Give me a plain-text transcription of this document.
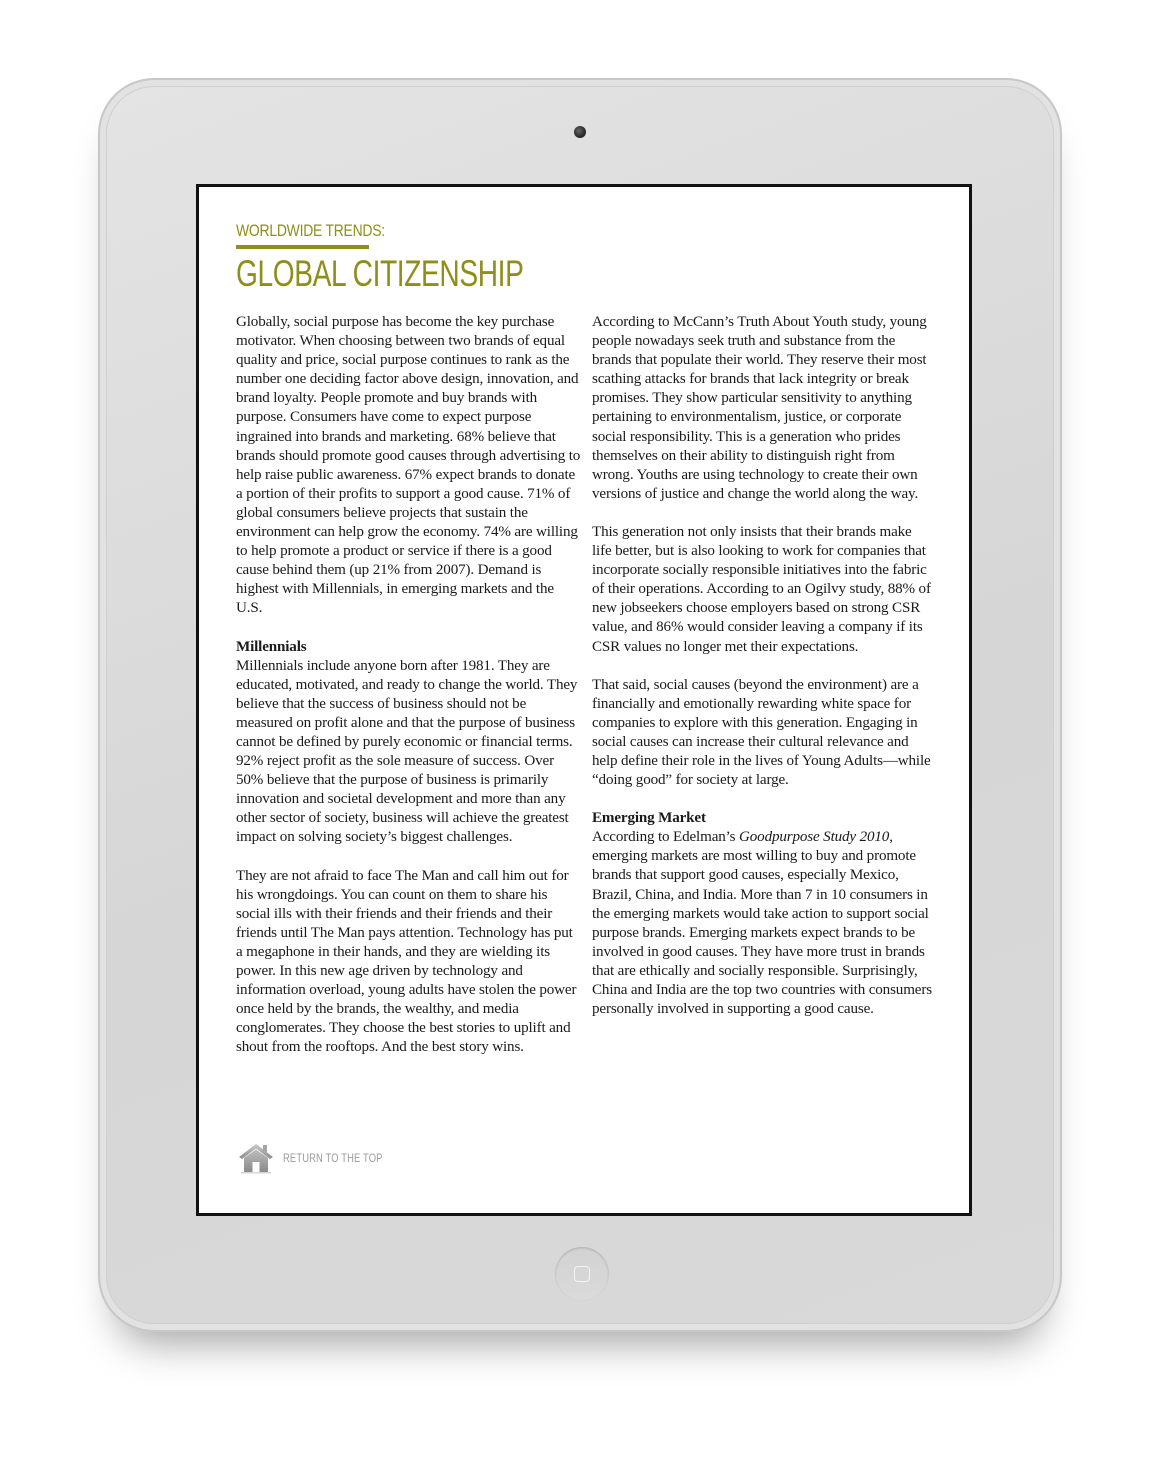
WORLDWIDE TRENDS:
GLOBAL CITIZENSHIP

Globally, social purpose has become the key purchase motivator. When choosing between two brands of equal quality and price, social purpose continues to rank as the number one deciding factor above design, innovation, and brand loyalty. People promote and buy brands with purpose. Consumers have come to expect purpose ingrained into brands and marketing. 68% believe that brands should promote good causes through advertising to help raise public awareness. 67% expect brands to donate a portion of their profits to support a good cause. 71% of global consumers believe projects that sustain the environment can help grow the economy. 74% are willing to help promote a product or service if there is a good cause behind them (up 21% from 2007). Demand is highest with Millennials, in emerging markets and the U.S.

Millennials

Millennials include anyone born after 1981. They are educated, motivated, and ready to change the world. They believe that the success of business should not be measured on profit alone and that the purpose of business cannot be defined by purely economic or financial terms. 92% reject profit as the sole measure of success. Over 50% believe that the purpose of business is primarily innovation and societal development and more than any other sector of society, business will achieve the greatest impact on solving society’s biggest challenges.

They are not afraid to face The Man and call him out for his wrongdoings. You can count on them to share his social ills with their friends and their friends and their friends until The Man pays attention. Technology has put a megaphone in their hands, and they are wielding its power. In this new age driven by technology and information overload, young adults have stolen the power once held by the brands, the wealthy, and media conglomerates. They choose the best stories to uplift and shout from the rooftops. And the best story wins.

According to McCann’s Truth About Youth study, young people nowadays seek truth and substance from the brands that populate their world. They reserve their most scathing attacks for brands that lack integrity or break promises. They show particular sensitivity to anything pertaining to environmentalism, justice, or corporate social responsibility. This is a generation who prides themselves on their ability to distinguish right from wrong. Youths are using technology to create their own versions of justice and change the world along the way.

This generation not only insists that their brands make life better, but is also looking to work for companies that incorporate socially responsible initiatives into the fabric of their operations. According to an Ogilvy study, 88% of new jobseekers choose employers based on strong CSR value, and 86% would consider leaving a company if its CSR values no longer met their expectations.

That said, social causes (beyond the environment) are a financially and emotionally rewarding white space for companies to explore with this generation. Engaging in social causes can increase their cultural relevance and help define their role in the lives of Young Adults—while “doing good” for society at large.

Emerging Market

According to Edelman’s Goodpurpose Study 2010, emerging markets are most willing to buy and promote brands that support good causes, especially Mexico, Brazil, China, and India. More than 7 in 10 consumers in the emerging markets would take action to support social purpose brands. Emerging markets expect brands to be involved in good causes. They have more trust in brands that are ethically and socially responsible. Surprisingly, China and India are the top two countries with consumers personally involved in supporting a good cause.

RETURN TO THE TOP
